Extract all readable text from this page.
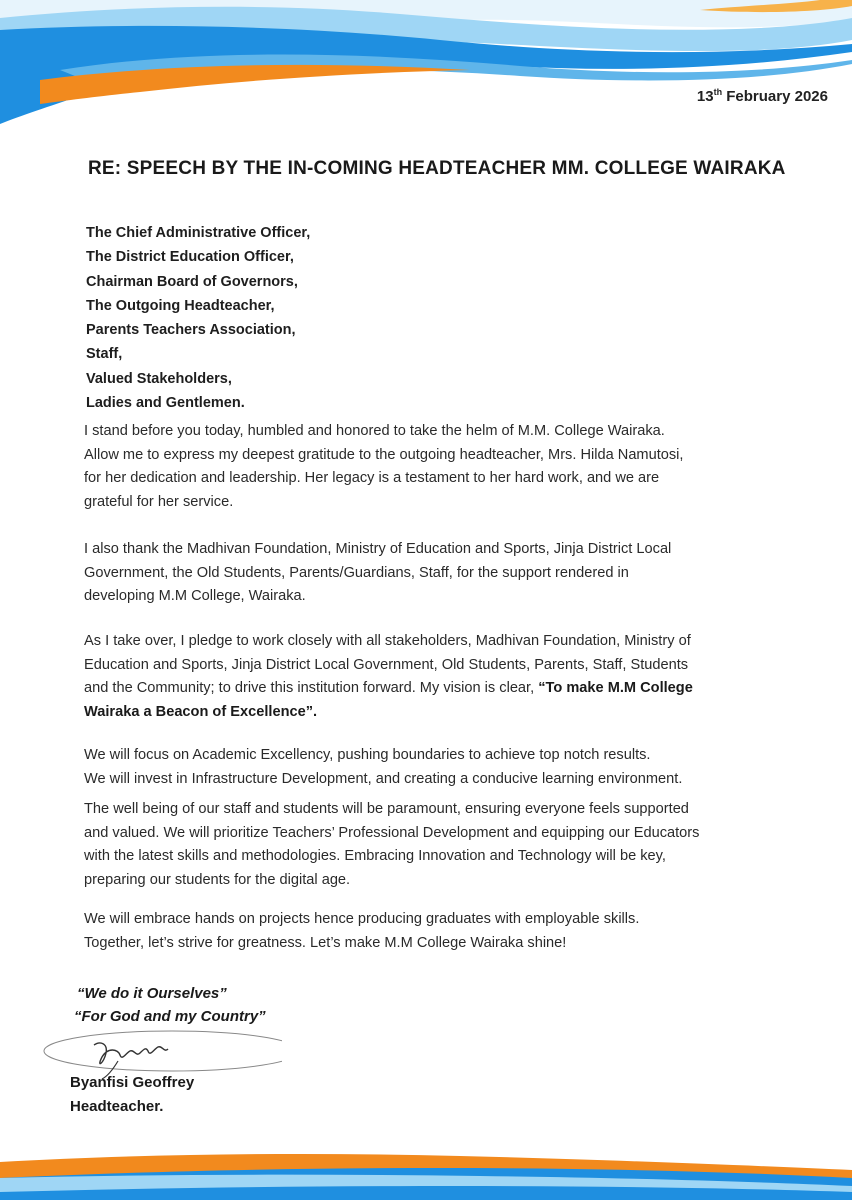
13th February 2026
RE: SPEECH BY THE IN-COMING HEADTEACHER MM. COLLEGE WAIRAKA
The Chief Administrative Officer,
The District Education Officer,
Chairman Board of Governors,
The Outgoing Headteacher,
Parents Teachers Association,
Staff,
Valued Stakeholders,
Ladies and Gentlemen.

I stand before you today, humbled and honored to take the helm of M.M. College Wairaka.

Allow me to express my deepest gratitude to the outgoing headteacher, Mrs. Hilda Namutosi,

for her dedication and leadership. Her legacy is a testament to her hard work, and we are

grateful for her service.

I also thank the Madhivan Foundation, Ministry of Education and Sports, Jinja District Local

Government, the Old Students, Parents/Guardians, Staff, for the support rendered in

developing M.M College, Wairaka.

As I take over, I pledge to work closely with all stakeholders, Madhivan Foundation, Ministry of

Education and Sports, Jinja District Local Government, Old Students, Parents, Staff, Students

and the Community; to drive this institution forward. My vision is clear, “To make M.M College

Wairaka a Beacon of Excellence”.

We will focus on Academic Excellency, pushing boundaries to achieve top notch results.

We will invest in Infrastructure Development, and creating a conducive learning environment.

The well being of our staff and students will be paramount, ensuring everyone feels supported

and valued. We will prioritize Teachers’ Professional Development and equipping our Educators

with the latest skills and methodologies. Embracing Innovation and Technology will be key,

preparing our students for the digital age.

We will embrace hands on projects hence producing graduates with employable skills.

Together, let’s strive for greatness. Let’s make M.M College Wairaka shine!

“We do it Ourselves”
“For God and my Country”
Byanfisi Geoffrey
Headteacher.
